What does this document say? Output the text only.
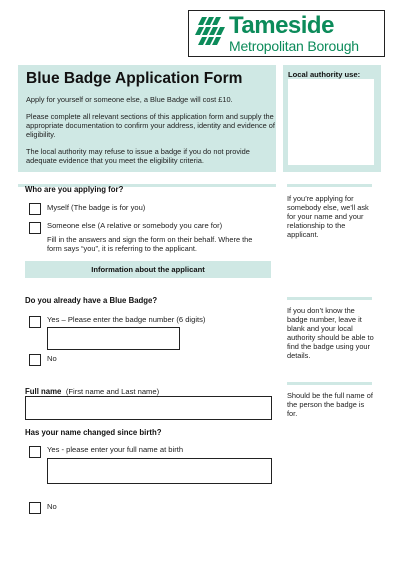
Tameside
Metropolitan Borough
Blue Badge Application Form
Apply for yourself or someone else, a Blue Badge will cost £10.
Please complete all relevant sections of this application form and supply the appropriate documentation to confirm your address, identity and evidence of eligibility.
The local authority may refuse to issue a badge if you do not provide adequate evidence that you meet the eligibility criteria.
Local authority use:
Who are you applying for?
Myself (The badge is for you)
Someone else (A relative or somebody you care for)
Fill in the answers and sign the form on their behalf. Where the form says “you”, it is referring to the applicant.
If you’re applying for somebody else, we’ll ask for your name and your relationship to the applicant.
Information about the applicant
Do you already have a Blue Badge?
Yes – Please enter the badge number (6 digits)
No
If you don’t know the badge number, leave it blank and your local authority should be able to find the badge using your details.
Full name (First name and Last name)	Should be the full name of the person the badge is for.
Has your name changed since birth?
Yes - please enter your full name at birth
No
